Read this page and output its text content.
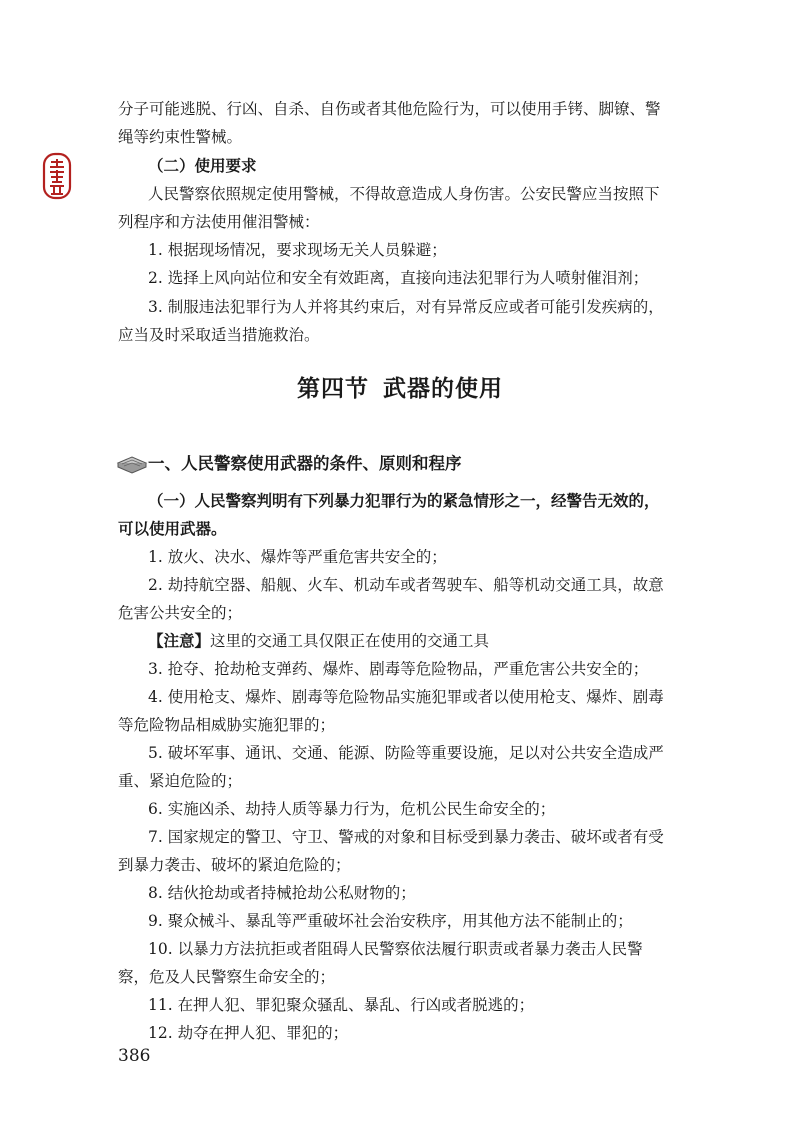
分子可能逃脱、行凶、自杀、自伤或者其他危险行为，可以使用手铐、脚镣、警
绳等约束性警械。
（二）使用要求
人民警察依照规定使用警械，不得故意造成人身伤害。公安民警应当按照下
列程序和方法使用催泪警械：
1. 根据现场情况，要求现场无关人员躲避；
2. 选择上风向站位和安全有效距离，直接向违法犯罪行为人喷射催泪剂；
3. 制服违法犯罪行为人并将其约束后，对有异常反应或者可能引发疾病的，
应当及时采取适当措施救治。
第四节 武器的使用
一、人民警察使用武器的条件、原则和程序
（一）人民警察判明有下列暴力犯罪行为的紧急情形之一，经警告无效的，
可以使用武器。
1. 放火、决水、爆炸等严重危害共安全的；
2. 劫持航空器、船舰、火车、机动车或者驾驶车、船等机动交通工具，故意
危害公共安全的；
【注意】这里的交通工具仅限正在使用的交通工具
3. 抢夺、抢劫枪支弹药、爆炸、剧毒等危险物品，严重危害公共安全的；
4. 使用枪支、爆炸、剧毒等危险物品实施犯罪或者以使用枪支、爆炸、剧毒
等危险物品相威胁实施犯罪的；
5. 破坏军事、通讯、交通、能源、防险等重要设施，足以对公共安全造成严
重、紧迫危险的；
6. 实施凶杀、劫持人质等暴力行为，危机公民生命安全的；
7. 国家规定的警卫、守卫、警戒的对象和目标受到暴力袭击、破坏或者有受
到暴力袭击、破坏的紧迫危险的；
8. 结伙抢劫或者持械抢劫公私财物的；
9. 聚众械斗、暴乱等严重破坏社会治安秩序，用其他方法不能制止的；
10. 以暴力方法抗拒或者阻碍人民警察依法履行职责或者暴力袭击人民警
察，危及人民警察生命安全的；
11. 在押人犯、罪犯聚众骚乱、暴乱、行凶或者脱逃的；
12. 劫夺在押人犯、罪犯的；
386
